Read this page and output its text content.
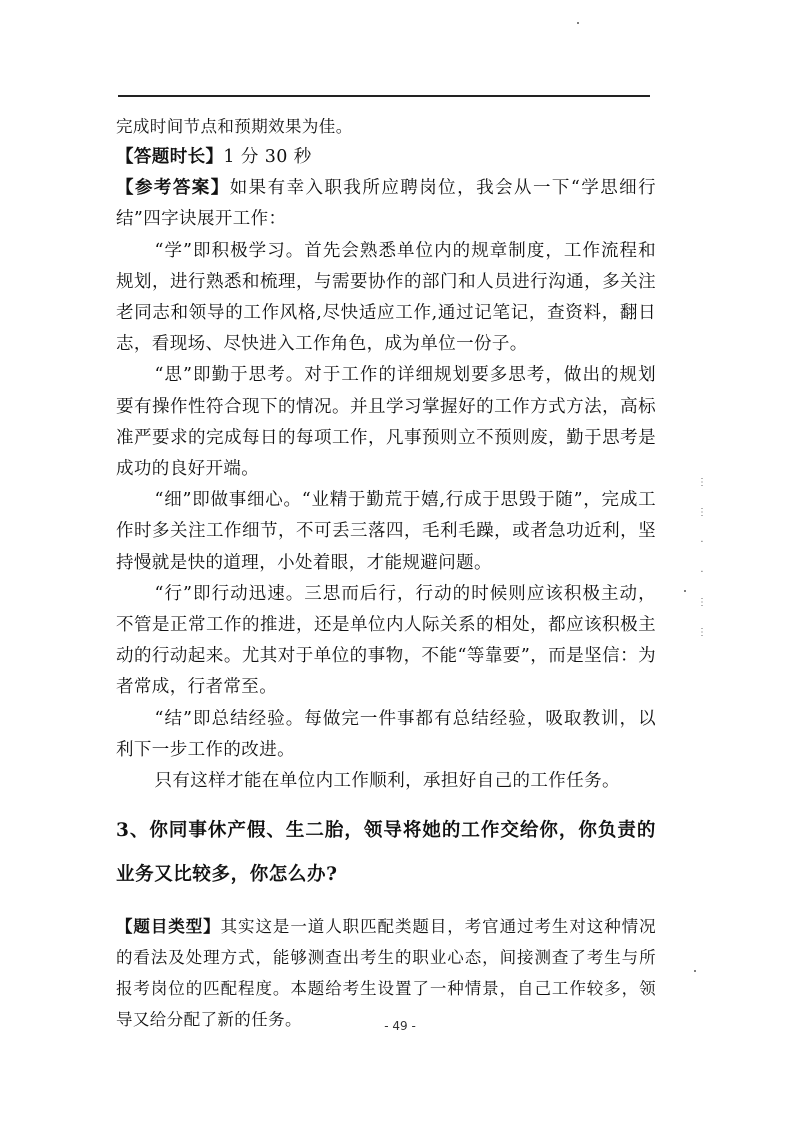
完成时间节点和预期效果为佳。

【答题时长】1 分 30 秒

【参考答案】如果有幸入职我所应聘岗位，我会从一下“学思细行结”四字诀展开工作：

“学”即积极学习。首先会熟悉单位内的规章制度，工作流程和规划，进行熟悉和梳理，与需要协作的部门和人员进行沟通，多关注老同志和领导的工作风格,尽快适应工作,通过记笔记，查资料，翻日志，看现场、尽快进入工作角色，成为单位一份子。

“思”即勤于思考。对于工作的详细规划要多思考，做出的规划要有操作性符合现下的情况。并且学习掌握好的工作方式方法，高标准严要求的完成每日的每项工作，凡事预则立不预则废，勤于思考是成功的良好开端。

“细”即做事细心。“业精于勤荒于嬉,行成于思毁于随”，完成工作时多关注工作细节，不可丢三落四，毛利毛躁，或者急功近利，坚持慢就是快的道理，小处着眼，才能规避问题。

“行”即行动迅速。三思而后行，行动的时候则应该积极主动，不管是正常工作的推进，还是单位内人际关系的相处，都应该积极主动的行动起来。尤其对于单位的事物，不能“等靠要”，而是坚信：为者常成，行者常至。

“结”即总结经验。每做完一件事都有总结经验，吸取教训，以利下一步工作的改进。

只有这样才能在单位内工作顺利，承担好自己的工作任务。

3、你同事休产假、生二胎，领导将她的工作交给你，你负责的业务又比较多，你怎么办?

【题目类型】其实这是一道人职匹配类题目，考官通过考生对这种情况的看法及处理方式，能够测查出考生的职业心态，间接测查了考生与所报考岗位的匹配程度。本题给考生设置了一种情景，自己工作较多，领导又给分配了新的任务。

⋮
⋮
·
·
⋮
⋮
- 49 -
